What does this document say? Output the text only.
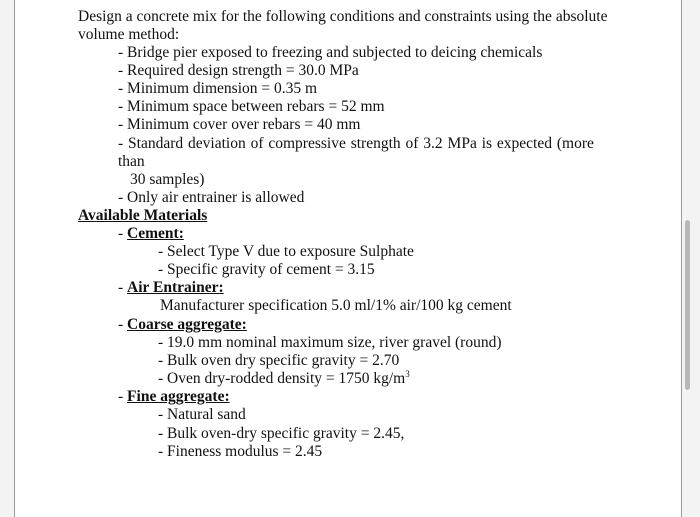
Design a concrete mix for the following conditions and constraints using the absolute
volume method:
- Bridge pier exposed to freezing and subjected to deicing chemicals
- Required design strength = 30.0 MPa
- Minimum dimension = 0.35 m
- Minimum space between rebars = 52 mm
- Minimum cover over rebars = 40 mm
- Standard deviation of compressive strength of 3.2 MPa is expected (more
than
30 samples)
- Only air entrainer is allowed
Available Materials
- Cement:
- Select Type V due to exposure Sulphate
- Specific gravity of cement = 3.15
- Air Entrainer:
Manufacturer specification 5.0 ml/1% air/100 kg cement
- Coarse aggregate:
- 19.0 mm nominal maximum size, river gravel (round)
- Bulk oven dry specific gravity = 2.70
- Oven dry-rodded density = 1750 $kg/m^3$
- Fine aggregate:
- Natural sand
- Bulk oven-dry specific gravity = 2.45,
- Fineness modulus = 2.45
